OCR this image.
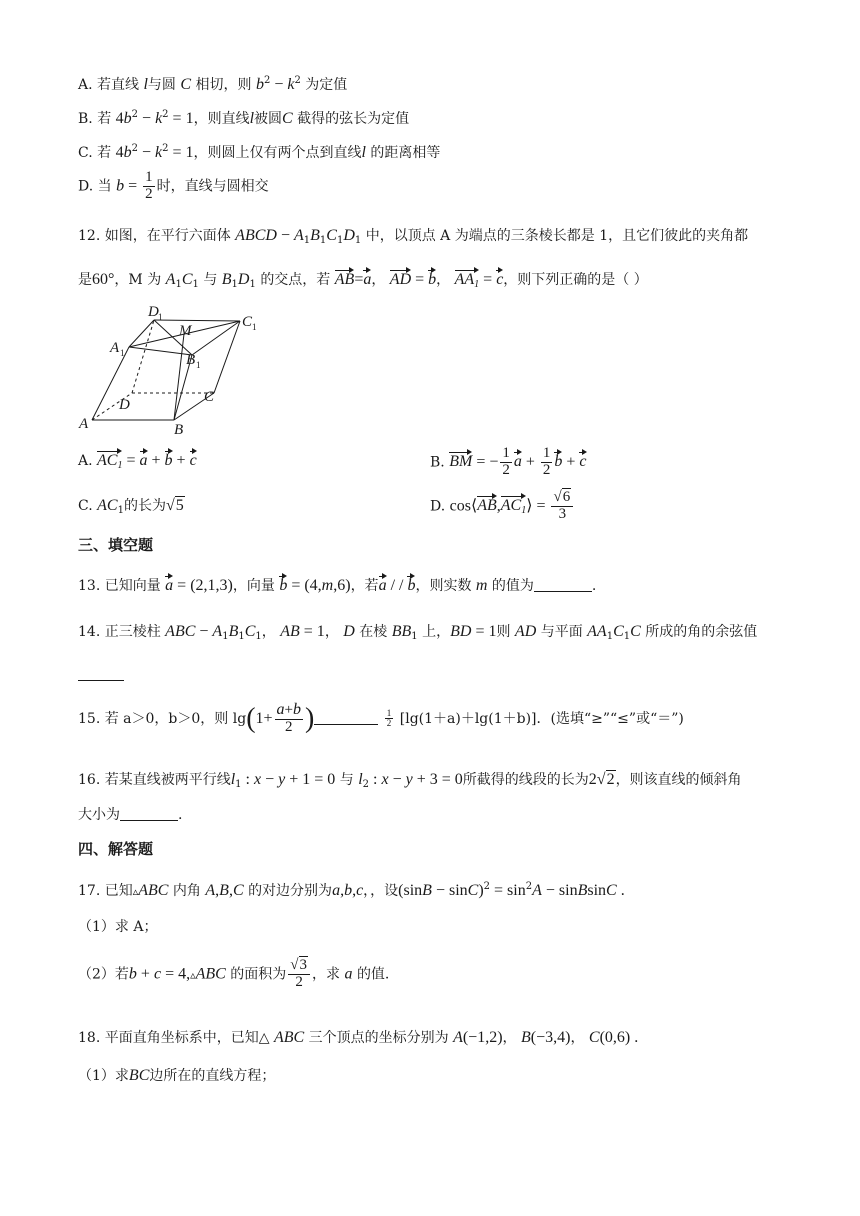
A. 若直线 l与圆 C 相切，则 $b^2 - k^2$ 为定值
B. 若 $4b^2 - k^2 = 1$，则直线l被圆C 截得的弦长为定值
C. 若 $4b^2 - k^2 = 1$，则圆上仅有两个点到直线l 的距离相等
D. 当 $b = \frac{1}{2}$ 时，直线与圆相交
12. 如图，在平行六面体 ABCD − $A_1B_1C_1D_1$ 中，以顶点 A 为端点的三条棱长都是 1，且它们彼此的夹角都
是60°，M 为 $A_1C_1$ 与 $B_1D_1$ 的交点，若 AB=a， AD = b， $AA_1 = c$，则下列正确的是（ ）
D 1
M
C 1
A 1	B 1
D	C
A	B
A. $AC_1 = a + b + c$	B. BM = − $\frac{1}{2}$ $a + \frac{1}{2}$ b + c
C. $AC_1$的长为√5	D. $\cos⟨AB,AC_1⟩ = \frac{√6}{3}$
三、填空题
13. 已知向量 a = (2,1,3)，向量 b = (4,m,6)，若a / / b，则实数 m 的值为	.
14. 正三棱柱 ABC − $A_1B_1C_1$， AB = 1， D 在棱 $BB_1$ 上，BD = 1则 AD 与平面 $AA_1C_1C$ 所成的角的余弦值
15. 若 a＞0，b＞0，则 $\lg(1+ \frac{a+b}{2}$ )	$\frac{1}{2} [\lg(1+a)+\lg(1+b)]$．(选填“≥”“≤”或“＝”)
16. 若某直线被两平行线$l_1$ : x − y + 1 = 0 与 $l_2$ : x − y + 3 = 0所截得的线段的长为2√2，则该直线的倾斜角
大小为	.
四、解答题
17. 已知▵ABC 内角 A,B,C 的对边分别为a,b,c，，设$(\sin B - \sin C)^2 = \sin^2A$ − sinBsinC .
（1）求 A；
（2）若b + c = 4,▵ABC 的面积为 $\frac{√3}{2}$ ，求 a 的值.
18. 平面直角坐标系中，已知△ ABC 三个顶点的坐标分别为 A(−1,2)， B(−3,4)， C(0,6) .
（1）求BC边所在的直线方程；
